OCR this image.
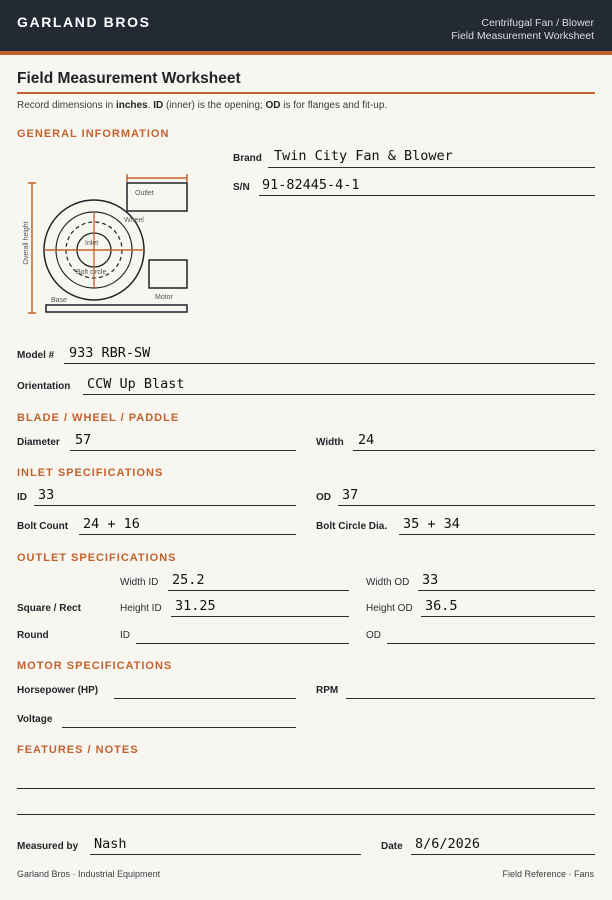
GARLAND BROS	Centrifugal Fan / Blower
Field Measurement Worksheet
Field Measurement Worksheet
Record dimensions in inches. ID (inner) is the opening; OD is for flanges and fit-up.
GENERAL INFORMATION
Overall height
Outlet
Wheel
Inlet
Bolt circle
Motor
Base
Brand Twin City Fan & Blower
S/N 91-82445-4-1
Model # 933 RBR-SW
Orientation CCW Up Blast
BLADE / WHEEL / PADDLE
Diameter 57	Width 24
INLET SPECIFICATIONS
ID 33	OD 37
Bolt Count 24 + 16	Bolt Circle Dia. 35 + 34
OUTLET SPECIFICATIONS
Width ID 25.2	Width OD 33
Square / Rect	Height ID 31.25	Height OD 36.5
Round	ID	OD
MOTOR SPECIFICATIONS
Horsepower (HP)	RPM
Voltage
FEATURES / NOTES
Measured by Nash	Date 8/6/2026
Garland Bros · Industrial Equipment	Field Reference · Fans
